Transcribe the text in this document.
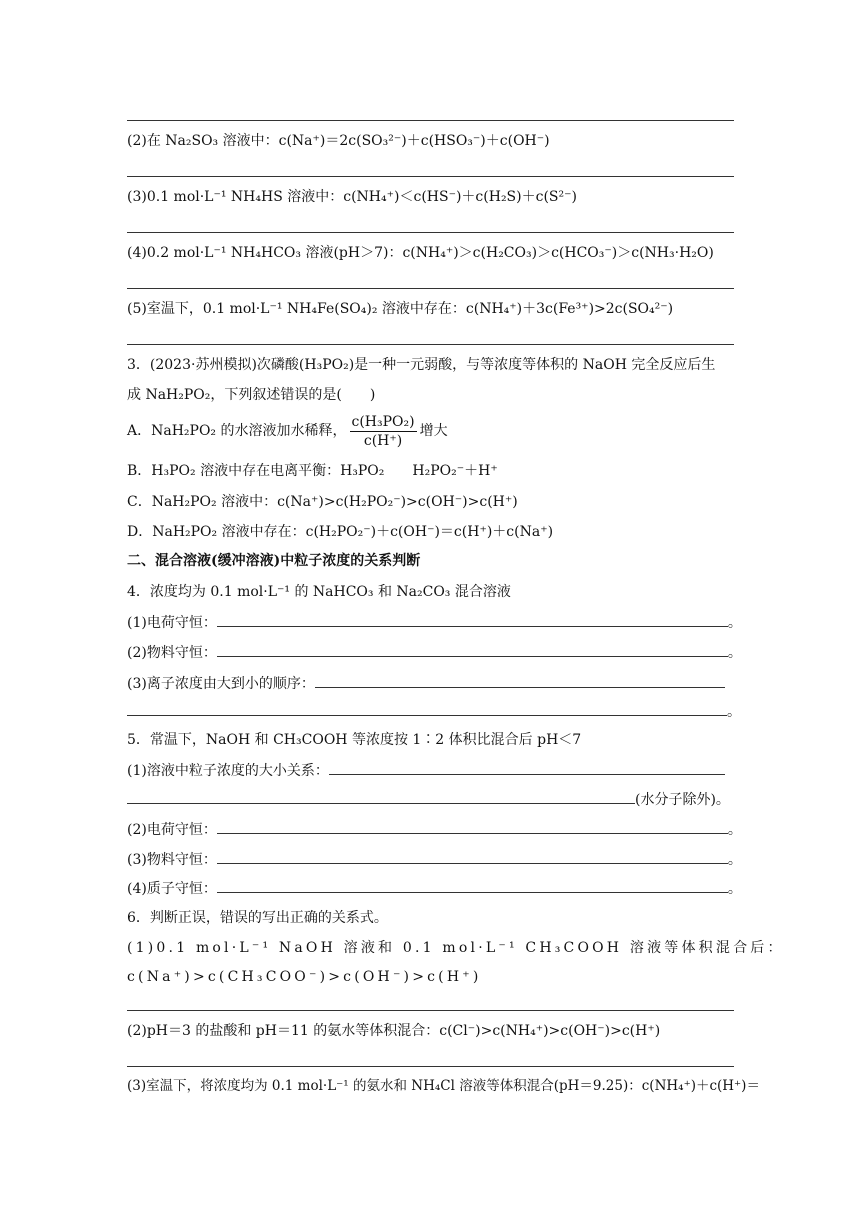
(2)在 Na₂SO₃ 溶液中：c(Na⁺)＝2c(SO₃²⁻)＋c(HSO₃⁻)＋c(OH⁻)
(3)0.1 mol·L⁻¹ NH₄HS 溶液中：c(NH₄⁺)＜c(HS⁻)＋c(H₂S)＋c(S²⁻)
(4)0.2 mol·L⁻¹ NH₄HCO₃ 溶液(pH＞7)：c(NH₄⁺)＞c(H₂CO₃)＞c(HCO₃⁻)＞c(NH₃·H₂O)
(5)室温下，0.1 mol·L⁻¹ NH₄Fe(SO₄)₂ 溶液中存在：c(NH₄⁺)＋3c(Fe³⁺)>2c(SO₄²⁻)
3．(2023·苏州模拟)次磷酸(H₃PO₂)是一种一元弱酸，与等浓度等体积的 NaOH 完全反应后生
成 NaH₂PO₂，下列叙述错误的是(　　)
A．NaH₂PO₂ 的水溶液加水稀释， $\frac{\text{c(H₃PO₂)}}{c(H^+)}$ 增大
B．H₃PO₂ 溶液中存在电离平衡：H₃PO₂　　H₂PO₂⁻＋H⁺
C．NaH₂PO₂ 溶液中：c(Na⁺)>c(H₂PO₂⁻)>c(OH⁻)>c(H⁺)
D．NaH₂PO₂ 溶液中存在：c(H₂PO₂⁻)＋c(OH⁻)＝c(H⁺)＋c(Na⁺)
二、混合溶液(缓冲溶液)中粒子浓度的关系判断
4．浓度均为 0.1 mol·L⁻¹ 的 NaHCO₃ 和 Na₂CO₃ 混合溶液
(1)电荷守恒：	。
(2)物料守恒：	。
(3)离子浓度由大到小的顺序：
。
5．常温下，NaOH 和 CH₃COOH 等浓度按 1∶2 体积比混合后 pH＜7
(1)溶液中粒子浓度的大小关系：
(水分子除外)。
(2)电荷守恒：	。
(3)物料守恒：	。
(4)质子守恒：	。
6．判断正误，错误的写出正确的关系式。
(1)0.1 mol·L⁻¹ NaOH 溶液和 0.1 mol·L⁻¹ CH₃COOH 溶液等体积混合后：
c(Na⁺)>c(CH₃COO⁻)>c(OH⁻)>c(H⁺)
(2)pH＝3 的盐酸和 pH＝11 的氨水等体积混合：c(Cl⁻)>c(NH₄⁺)>c(OH⁻)>c(H⁺)
(3)室温下，将浓度均为 0.1 mol·L⁻¹ 的氨水和 NH₄Cl 溶液等体积混合(pH＝9.25)：c(NH₄⁺)＋c(H⁺)＝
